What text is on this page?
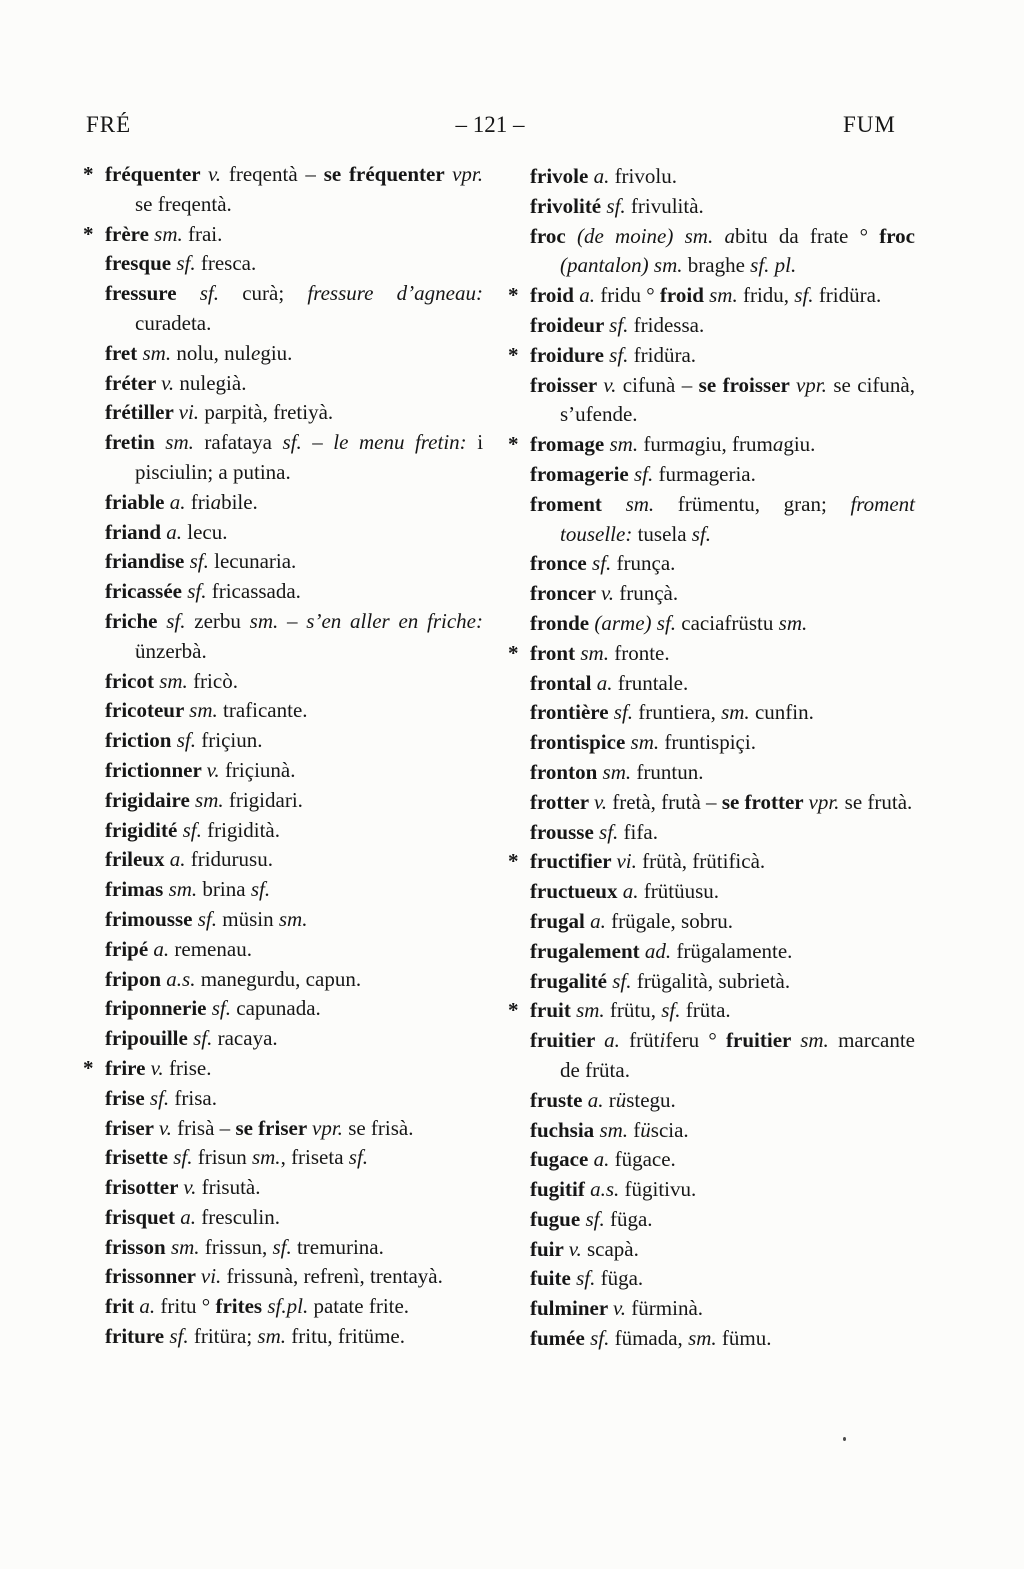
FRÉ	– 121 –	FUM

* fréquenter v. freqentà – se fréquenter vpr. se freqentà.

* frère sm. frai.

fresque sf. fresca.

fressure sf. curà; fressure d’agneau: curadeta.

fret sm. nolu, nulegiu.

fréter v. nulegià.

frétiller vi. parpità, fretiyà.

fretin sm. rafataya sf. – le menu fretin: i pisciulin; a putina.

friable a. friabile.

friand a. lecu.

friandise sf. lecunaria.

fricassée sf. fricassada.

friche sf. zerbu sm. – s’en aller en friche: ünzerbà.

fricot sm. fricò.

fricoteur sm. traficante.

friction sf. friçiun.

frictionner v. friçiunà.

frigidaire sm. frigidari.

frigidité sf. frigidità.

frileux a. fridurusu.

frimas sm. brina sf.

frimousse sf. müsin sm.

fripé a. remenau.

fripon a.s. manegurdu, capun.

friponnerie sf. capunada.

fripouille sf. racaya.

* frire v. frise.

frise sf. frisa.

friser v. frisà – se friser vpr. se frisà.

frisette sf. frisun sm., friseta sf.

frisotter v. frisutà.

frisquet a. fresculin.

frisson sm. frissun, sf. tremurina.

frissonner vi. frissunà, refrenì, trentayà.

frit a. fritu ° frites sf.pl. patate frite.

friture sf. fritüra; sm. fritu, fritüme.

frivole a. frivolu.

frivolité sf. frivulità.

froc (de moine) sm. abitu da frate ° froc (pantalon) sm. braghe sf. pl.

* froid a. fridu ° froid sm. fridu, sf. fridüra.

froideur sf. fridessa.

* froidure sf. fridüra.

froisser v. cifunà – se froisser vpr. se cifunà, s’ufende.

* fromage sm. furmagiu, frumagiu.

fromagerie sf. furmageria.

froment sm. frümentu, gran; froment touselle: tusela sf.

fronce sf. frunça.

froncer v. frunçà.

fronde (arme) sf. caciafrüstu sm.

* front sm. fronte.

frontal a. fruntale.

frontière sf. fruntiera, sm. cunfin.

frontispice sm. fruntispiçi.

fronton sm. fruntun.

frotter v. fretà, frutà – se frotter vpr. se frutà.

frousse sf. fifa.

* fructifier vi. frütà, frütificà.

fructueux a. frütüusu.

frugal a. frügale, sobru.

frugalement ad. frügalamente.

frugalité sf. frügalità, subrietà.

* fruit sm. frütu, sf. früta.

fruitier a. frütiferu ° fruitier sm. marcante de früta.

fruste a. rüstegu.

fuchsia sm. füscia.

fugace a. fügace.

fugitif a.s. fügitivu.

fugue sf. füga.

fuir v. scapà.

fuite sf. füga.

fulminer v. fürminà.

fumée sf. fümada, sm. fümu.
